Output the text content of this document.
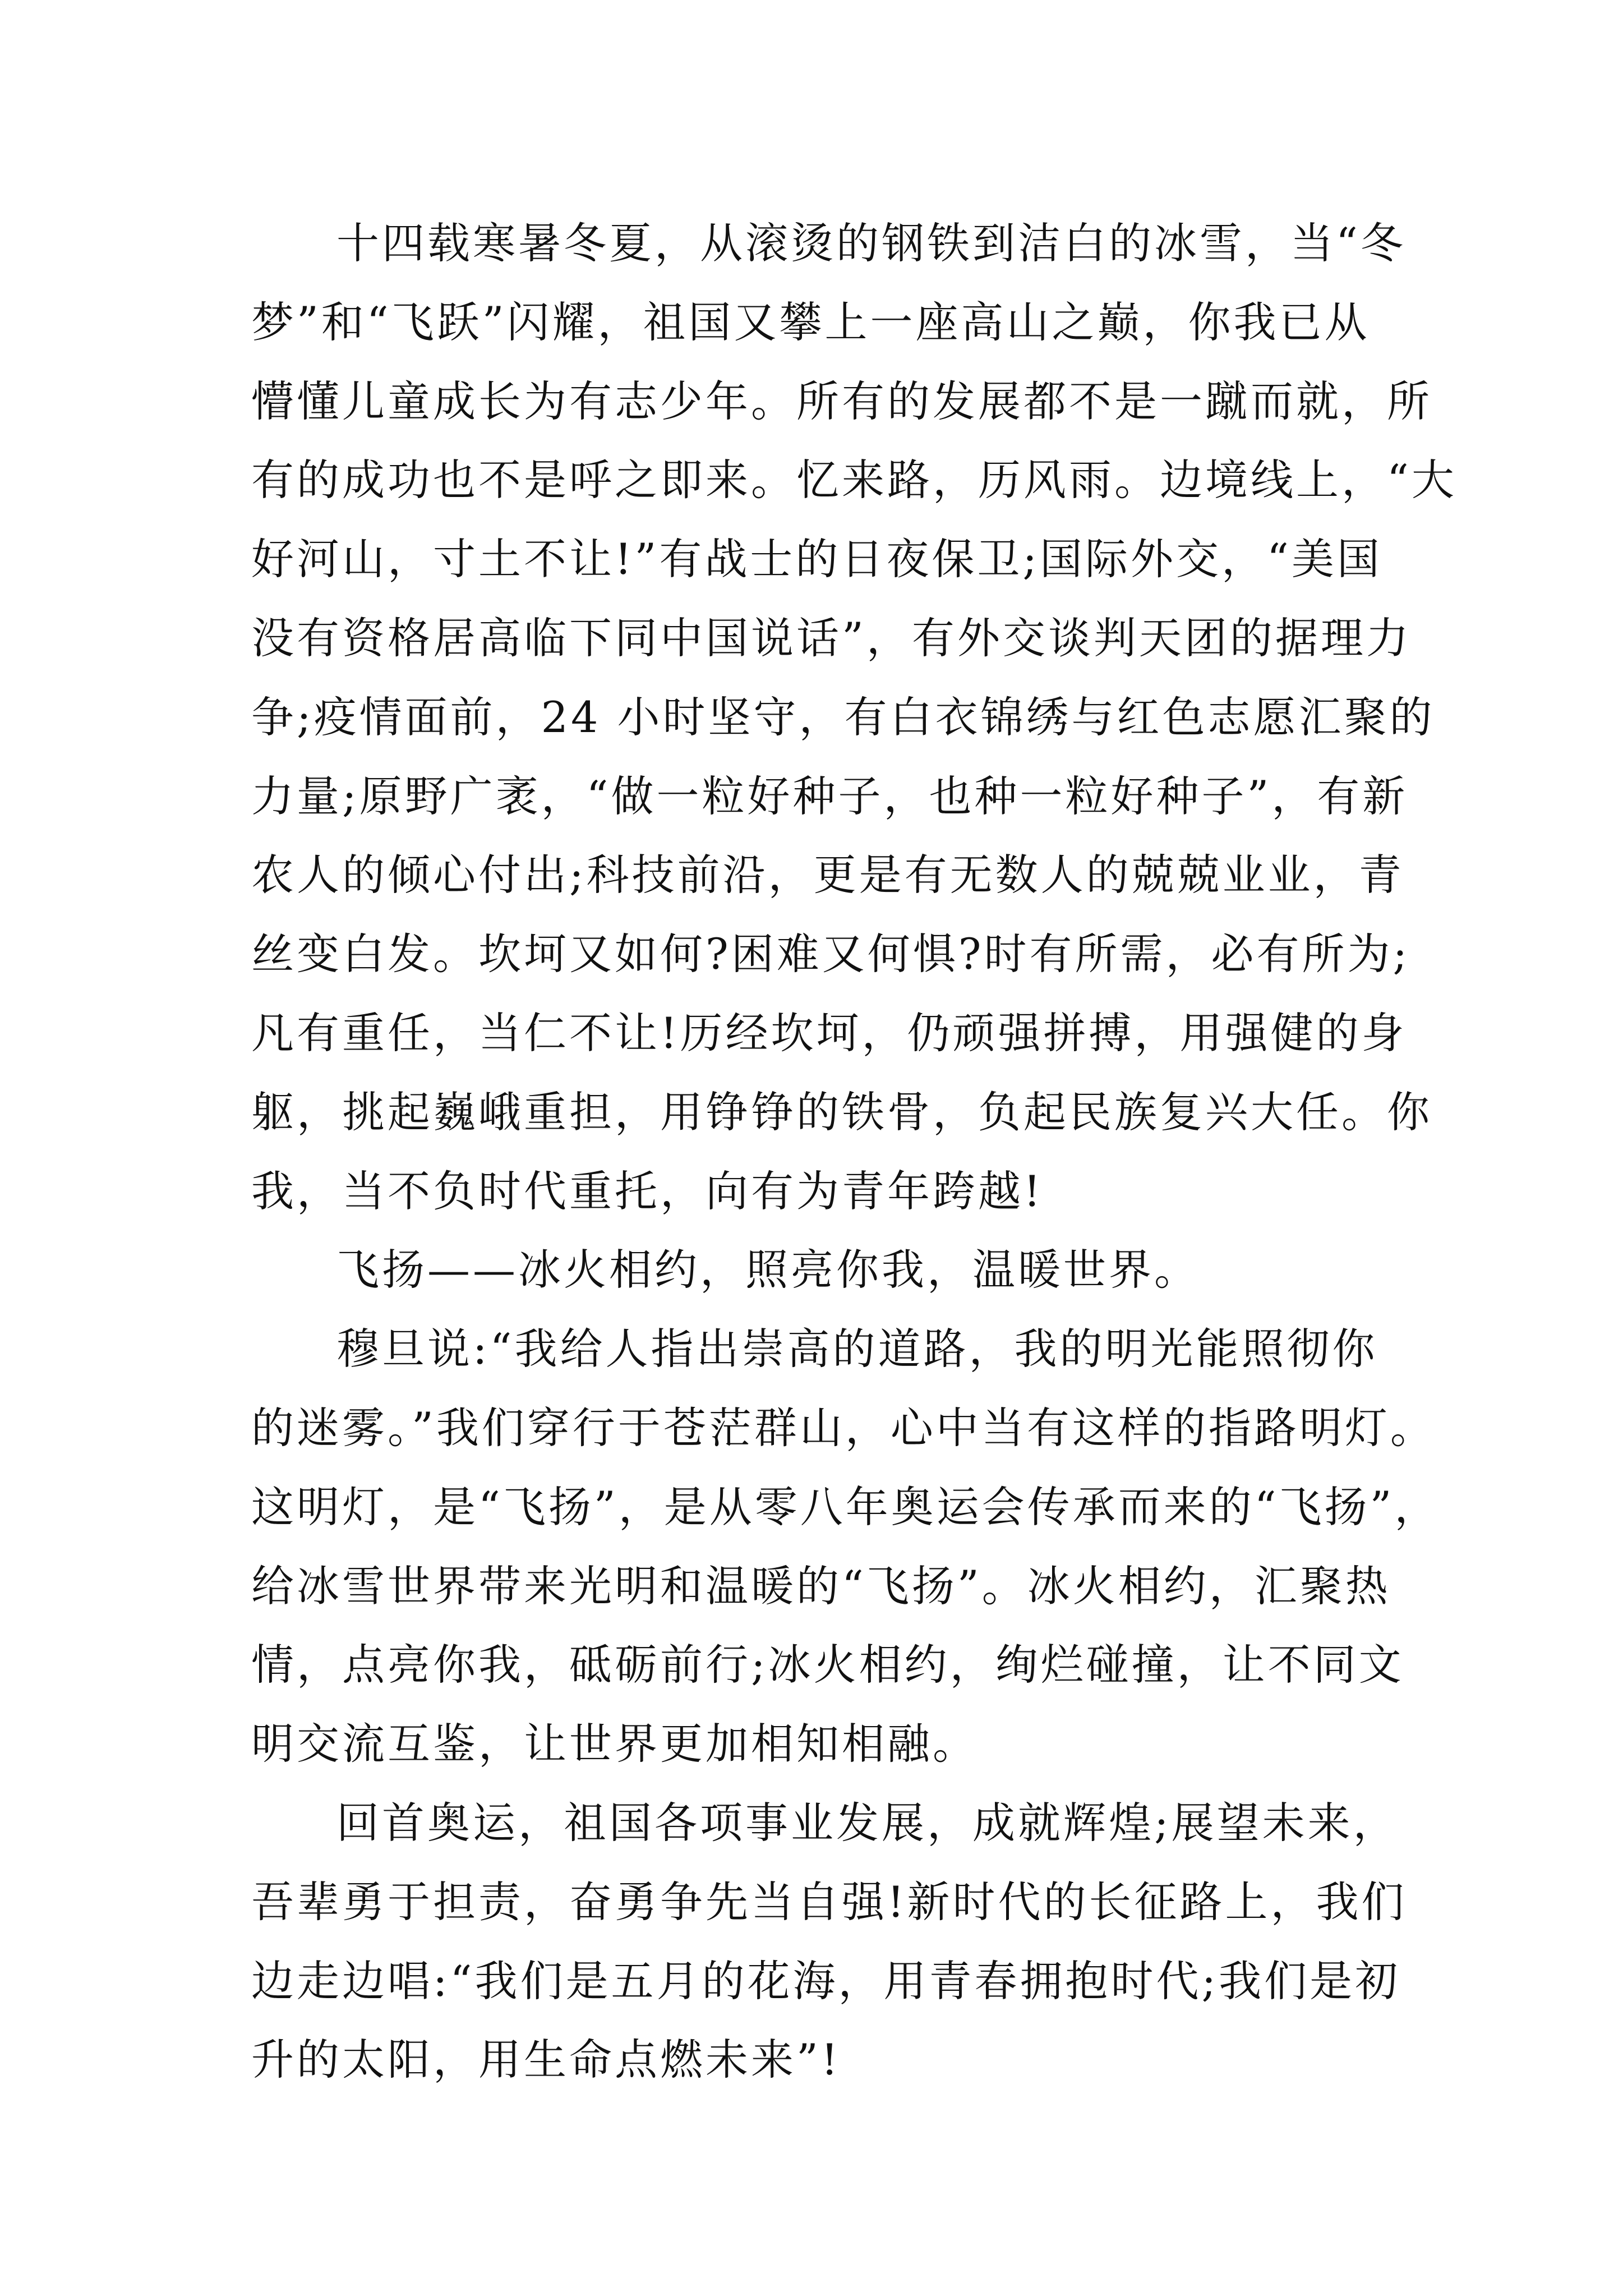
十四载寒暑冬夏，从滚烫的钢铁到洁白的冰雪，当“冬
梦”和“飞跃”闪耀，祖国又攀上一座高山之巅，你我已从
懵懂儿童成长为有志少年。所有的发展都不是一蹴而就，所
有的成功也不是呼之即来。忆来路，历风雨。边境线上，“大
好河山，寸土不让!”有战士的日夜保卫;国际外交，“美国
没有资格居高临下同中国说话”，有外交谈判天团的据理力
争;疫情面前，24 小时坚守，有白衣锦绣与红色志愿汇聚的
力量;原野广袤，“做一粒好种子，也种一粒好种子”，有新
农人的倾心付出;科技前沿，更是有无数人的兢兢业业，青
丝变白发。坎坷又如何?困难又何惧?时有所需，必有所为;
凡有重任，当仁不让!历经坎坷，仍顽强拼搏，用强健的身
躯，挑起巍峨重担，用铮铮的铁骨，负起民族复兴大任。你
我，当不负时代重托，向有为青年跨越!

飞扬——冰火相约，照亮你我，温暖世界。

穆旦说:“我给人指出崇高的道路，我的明光能照彻你
的迷雾。”我们穿行于苍茫群山，心中当有这样的指路明灯。
这明灯，是“飞扬”，是从零八年奥运会传承而来的“飞扬”，
给冰雪世界带来光明和温暖的“飞扬”。冰火相约，汇聚热
情，点亮你我，砥砺前行;冰火相约，绚烂碰撞，让不同文
明交流互鉴，让世界更加相知相融。

回首奥运，祖国各项事业发展，成就辉煌;展望未来，
吾辈勇于担责，奋勇争先当自强!新时代的长征路上，我们
边走边唱:“我们是五月的花海，用青春拥抱时代;我们是初
升的太阳，用生命点燃未来”!
